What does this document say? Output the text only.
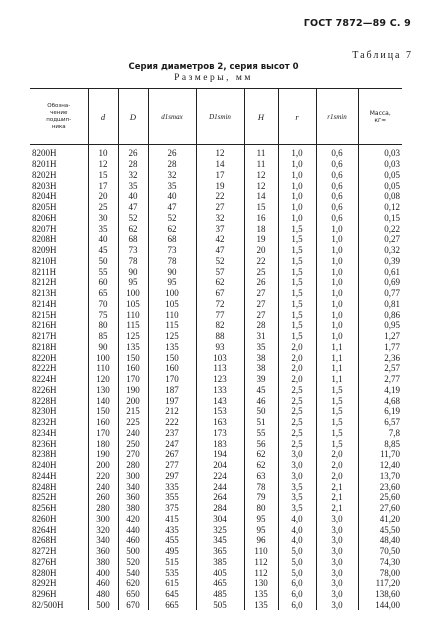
ГОСТ 7872—89 С. 9
Таблица 7
Серия диаметров 2, серия высот 0
Размеры, мм
Обозна-
чение
подшип-
ника	d	D	d1smax	D1smin	H	r	r1smin	Масса,
кг≈
8200H	10	26	26	12	11	1,0	0,6	0,03
8201H	12	28	28	14	11	1,0	0,6	0,03
8202H	15	32	32	17	12	1,0	0,6	0,05
8203H	17	35	35	19	12	1,0	0,6	0,05
8204H	20	40	40	22	14	1,0	0,6	0,08
8205H	25	47	47	27	15	1,0	0,6	0,12
8206H	30	52	52	32	16	1,0	0,6	0,15
8207H	35	62	62	37	18	1,5	1,0	0,22
8208H	40	68	68	42	19	1,5	1,0	0,27
8209H	45	73	73	47	20	1,5	1,0	0,32
8210H	50	78	78	52	22	1,5	1,0	0,39
8211H	55	90	90	57	25	1,5	1,0	0,61
8212H	60	95	95	62	26	1,5	1,0	0,69
8213H	65	100	100	67	27	1,5	1,0	0,77
8214H	70	105	105	72	27	1,5	1,0	0,81
8215H	75	110	110	77	27	1,5	1,0	0,86
8216H	80	115	115	82	28	1,5	1,0	0,95
8217H	85	125	125	88	31	1,5	1,0	1,27
8218H	90	135	135	93	35	2,0	1,1	1,77
8220H	100	150	150	103	38	2,0	1,1	2,36
8222H	110	160	160	113	38	2,0	1,1	2,57
8224H	120	170	170	123	39	2,0	1,1	2,77
8226H	130	190	187	133	45	2,5	1,5	4,19
8228H	140	200	197	143	46	2,5	1,5	4,68
8230H	150	215	212	153	50	2,5	1,5	6,19
8232H	160	225	222	163	51	2,5	1,5	6,57
8234H	170	240	237	173	55	2,5	1,5	7,8
8236H	180	250	247	183	56	2,5	1,5	8,85
8238H	190	270	267	194	62	3,0	2,0	11,70
8240H	200	280	277	204	62	3,0	2,0	12,40
8244H	220	300	297	224	63	3,0	2,0	13,70
8248H	240	340	335	244	78	3,5	2,1	23,60
8252H	260	360	355	264	79	3,5	2,1	25,60
8256H	280	380	375	284	80	3,5	2,1	27,60
8260H	300	420	415	304	95	4,0	3,0	41,20
8264H	320	440	435	325	95	4,0	3,0	45,50
8268H	340	460	455	345	96	4,0	3,0	48,40
8272H	360	500	495	365	110	5,0	3,0	70,50
8276H	380	520	515	385	112	5,0	3,0	74,30
8280H	400	540	535	405	112	5,0	3,0	78,00
8292H	460	620	615	465	130	6,0	3,0	117,20
8296H	480	650	645	485	135	6,0	3,0	138,60
82/500H	500	670	665	505	135	6,0	3,0	144,00
